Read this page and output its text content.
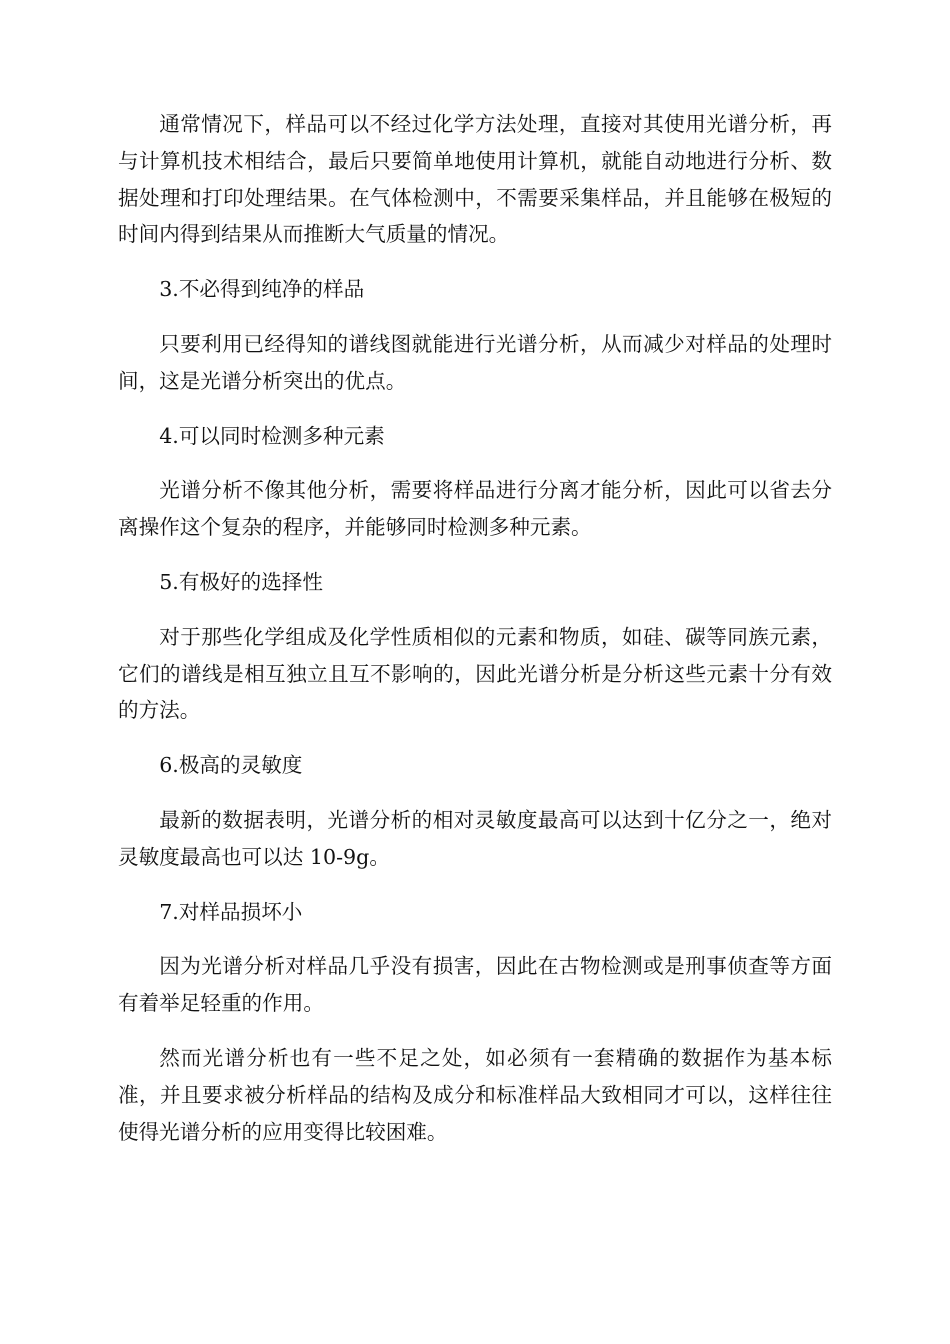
通常情况下，样品可以不经过化学方法处理，直接对其使用光谱分析，再与计算机技术相结合，最后只要简单地使用计算机，就能自动地进行分析、数据处理和打印处理结果。在气体检测中，不需要采集样品，并且能够在极短的时间内得到结果从而推断大气质量的情况。

3.不必得到纯净的样品

只要利用已经得知的谱线图就能进行光谱分析，从而减少对样品的处理时间，这是光谱分析突出的优点。

4.可以同时检测多种元素

光谱分析不像其他分析，需要将样品进行分离才能分析，因此可以省去分离操作这个复杂的程序，并能够同时检测多种元素。

5.有极好的选择性

对于那些化学组成及化学性质相似的元素和物质，如硅、碳等同族元素，它们的谱线是相互独立且互不影响的，因此光谱分析是分析这些元素十分有效的方法。

6.极高的灵敏度

最新的数据表明，光谱分析的相对灵敏度最高可以达到十亿分之一，绝对灵敏度最高也可以达 10-9g。

7.对样品损坏小

因为光谱分析对样品几乎没有损害，因此在古物检测或是刑事侦查等方面有着举足轻重的作用。

然而光谱分析也有一些不足之处，如必须有一套精确的数据作为基本标准，并且要求被分析样品的结构及成分和标准样品大致相同才可以，这样往往使得光谱分析的应用变得比较困难。
